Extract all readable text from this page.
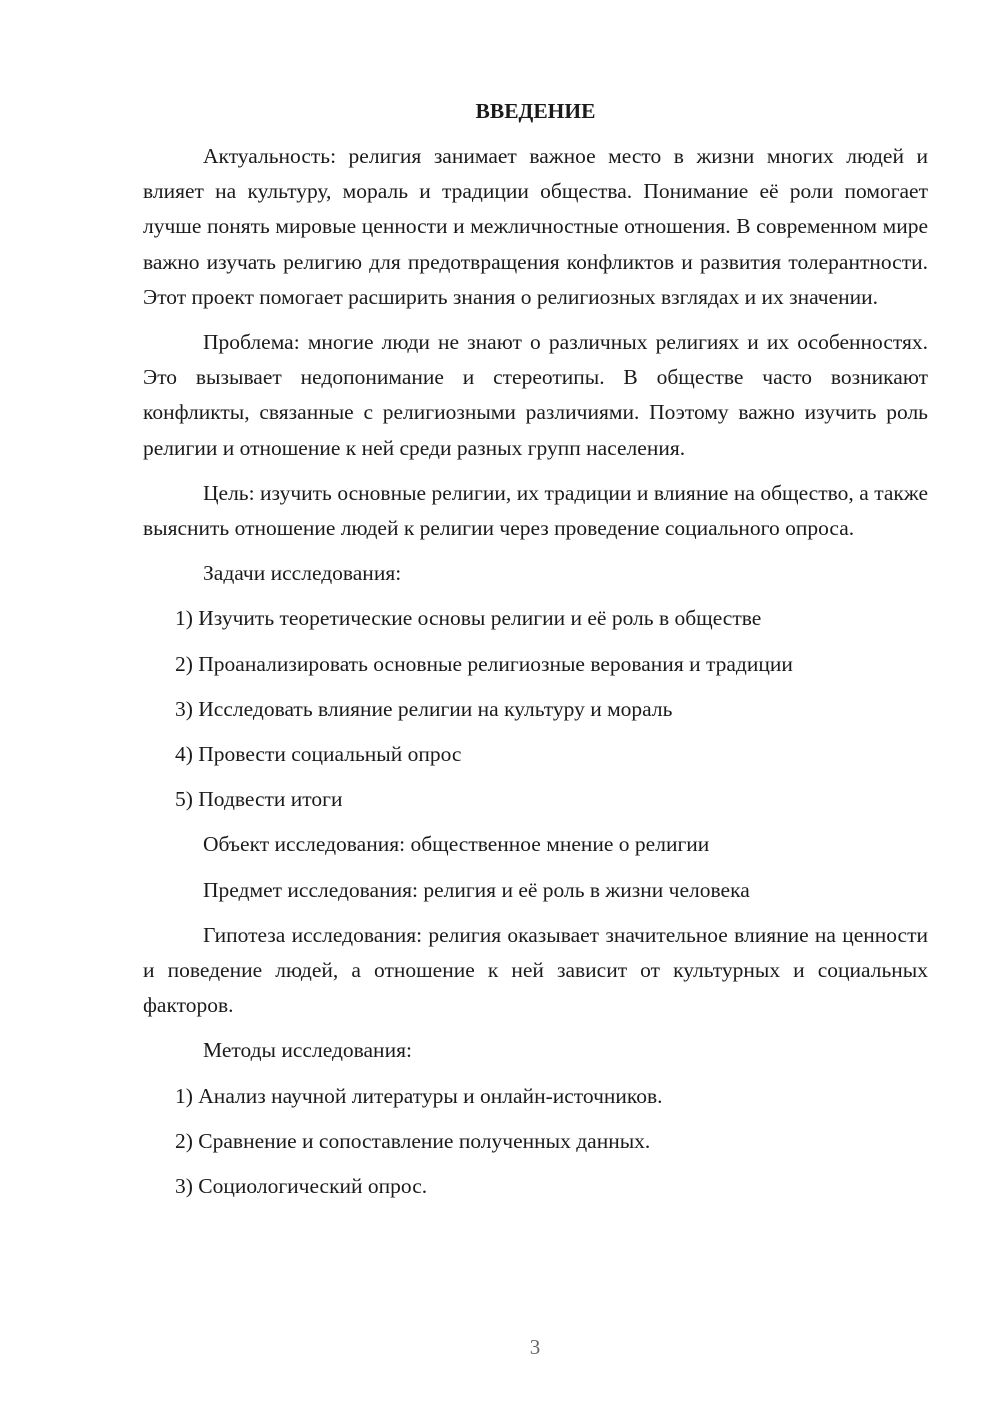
ВВЕДЕНИЕ

Актуальность: религия занимает важное место в жизни многих людей и влияет на культуру, мораль и традиции общества. Понимание её роли помогает лучше понять мировые ценности и межличностные отношения. В современном мире важно изучать религию для предотвращения конфликтов и развития толерантности. Этот проект помогает расширить знания о религиозных взглядах и их значении.

Проблема: многие люди не знают о различных религиях и их особенностях. Это вызывает недопонимание и стереотипы. В обществе часто возникают конфликты, связанные с религиозными различиями. Поэтому важно изучить роль религии и отношение к ней среди разных групп населения.

Цель: изучить основные религии, их традиции и влияние на общество, а также выяснить отношение людей к религии через проведение социального опроса.

Задачи исследования:
1) Изучить теоретические основы религии и её роль в обществе
2) Проанализировать основные религиозные верования и традиции
3) Исследовать влияние религии на культуру и мораль
4) Провести социальный опрос
5) Подвести итоги
Объект исследования: общественное мнение о религии
Предмет исследования: религия и её роль в жизни человека

Гипотеза исследования: религия оказывает значительное влияние на ценности и поведение людей, а отношение к ней зависит от культурных и социальных факторов.

Методы исследования:
1) Анализ научной литературы и онлайн-источников.
2) Сравнение и сопоставление полученных данных.
3) Социологический опрос.
3
